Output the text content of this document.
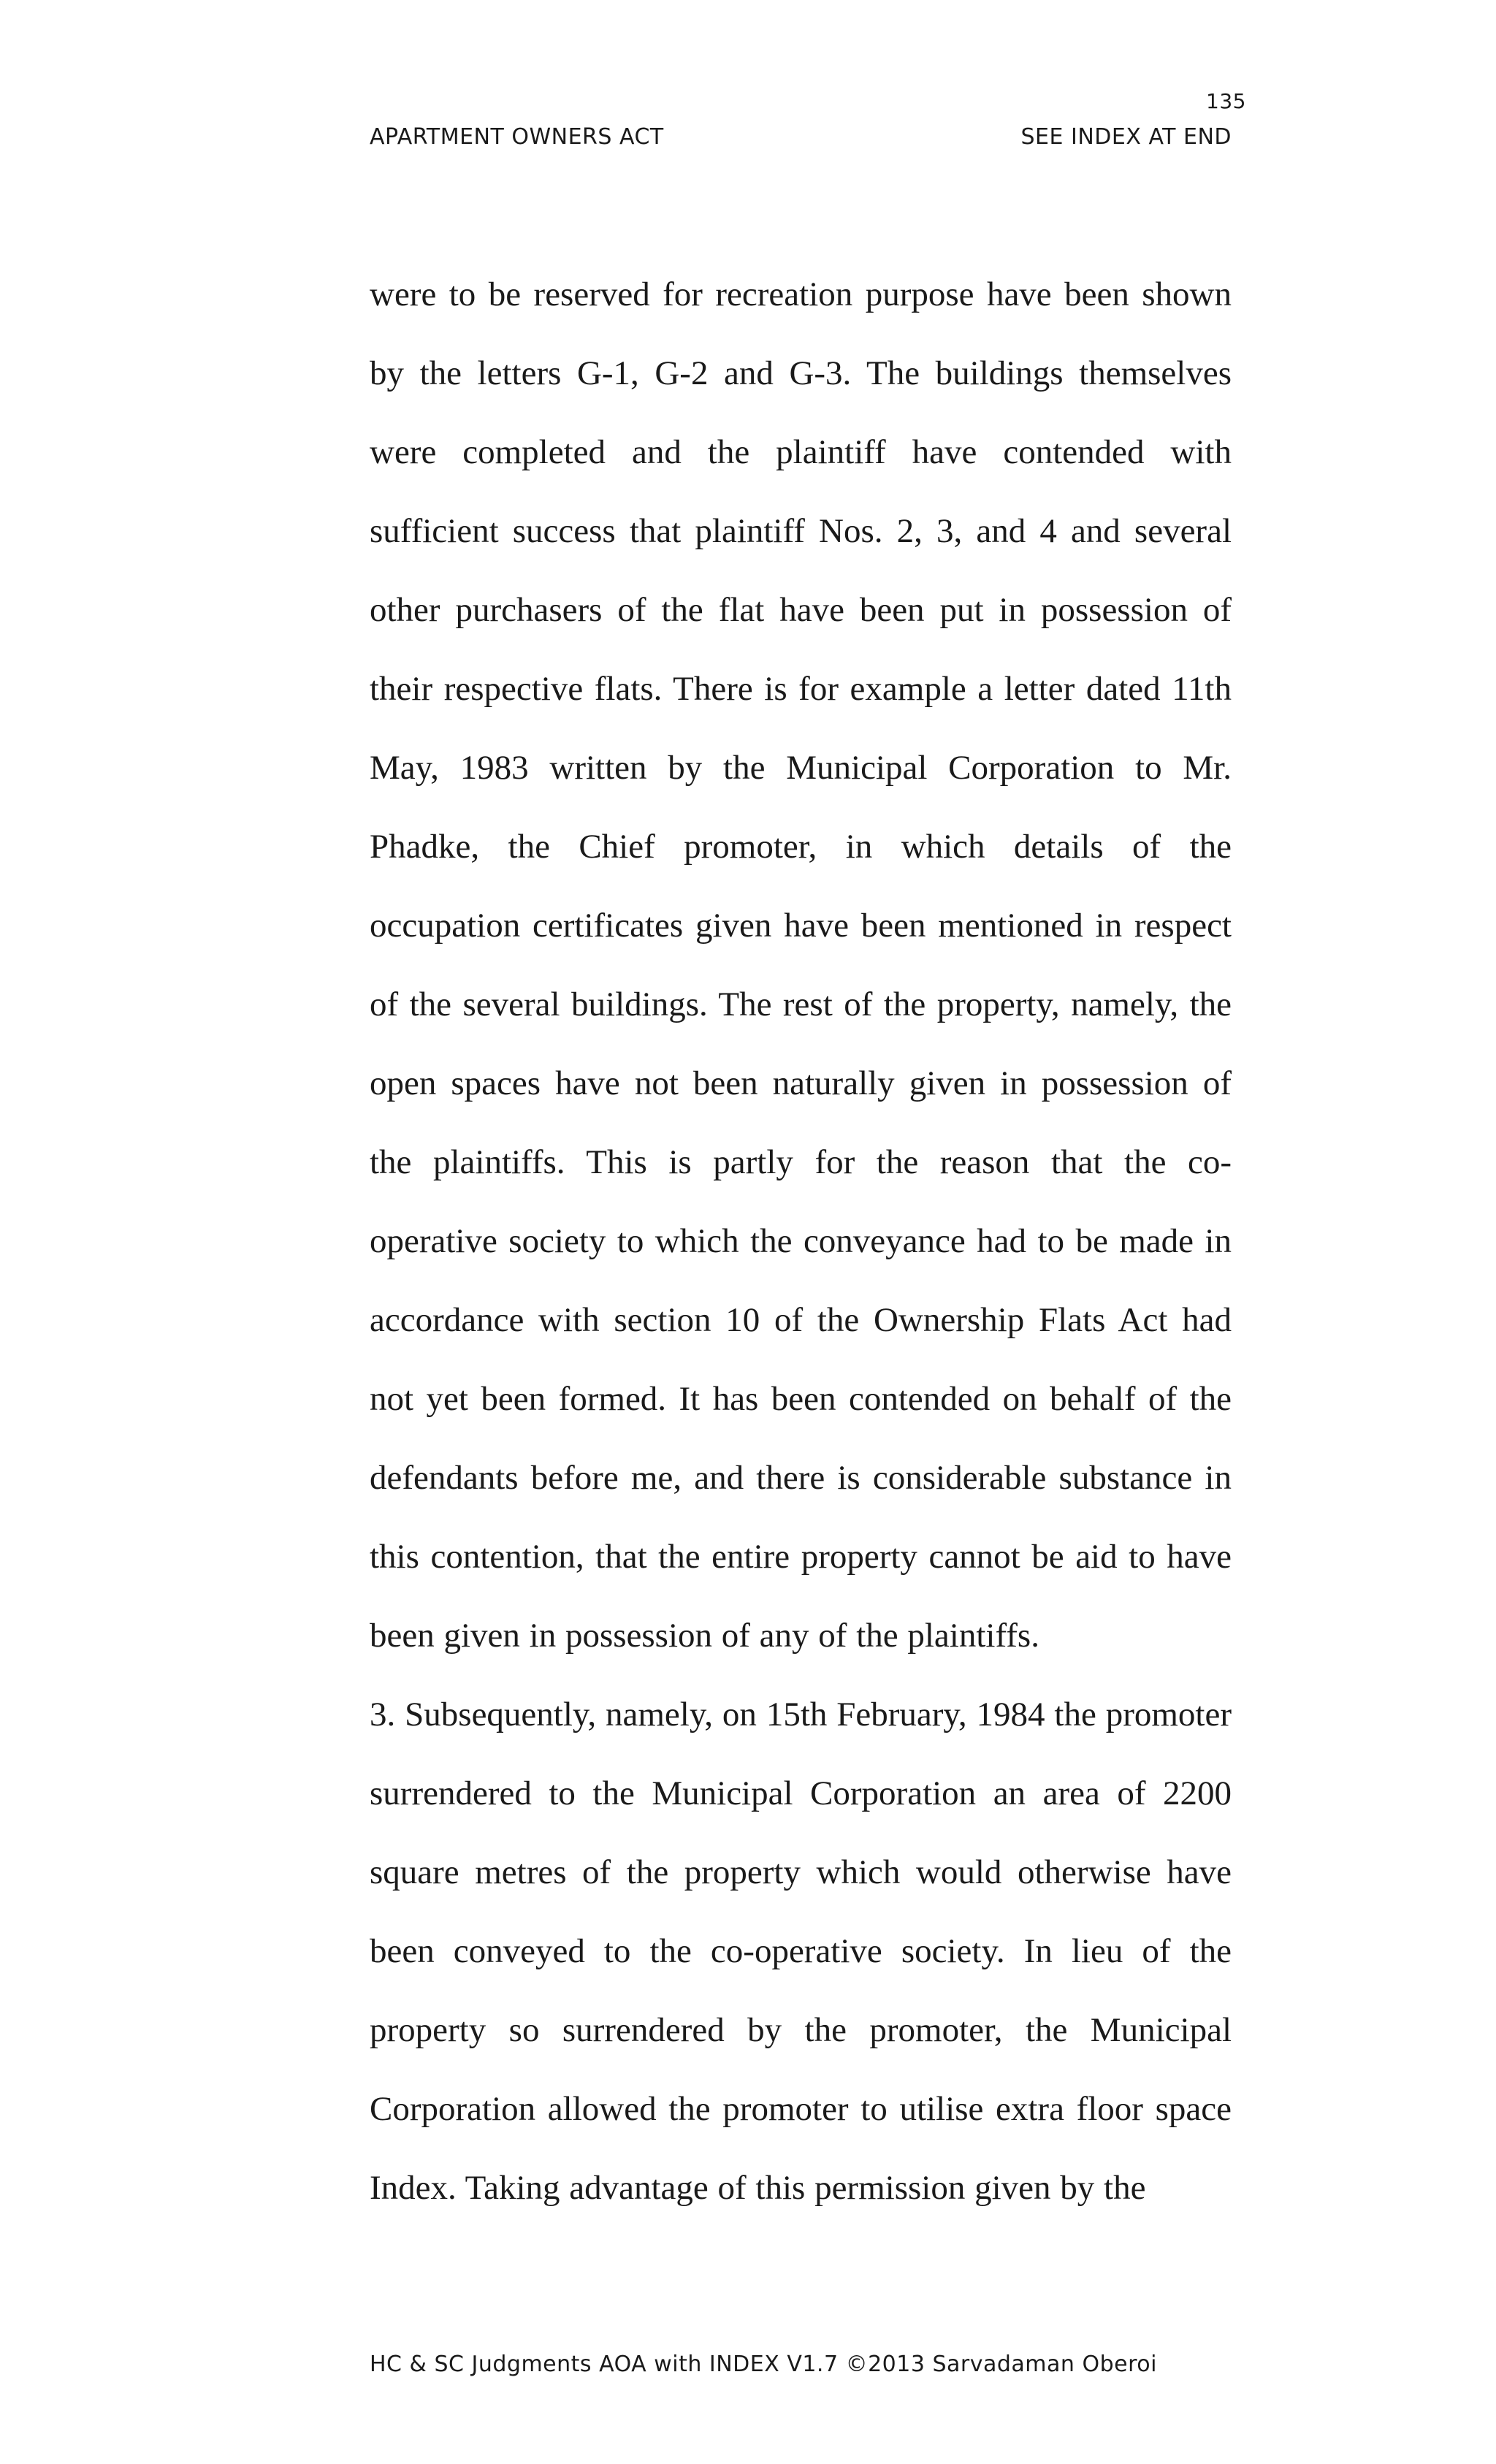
135
APARTMENT OWNERS ACT	SEE INDEX AT END

were to be reserved for recreation purpose have been shown by the letters G-1, G-2 and G-3. The buildings themselves were completed and the plaintiff have contended with sufficient success that plaintiff Nos. 2, 3, and 4 and several other purchasers of the flat have been put in possession of their respective flats. There is for example a letter dated 11th May, 1983 written by the Municipal Corporation to Mr. Phadke, the Chief promoter, in which details of the occupation certificates given have been mentioned in respect of the several buildings. The rest of the property, namely, the open spaces have not been naturally given in possession of the plaintiffs. This is partly for the reason that the co-operative society to which the conveyance had to be made in accordance with section 10 of the Ownership Flats Act had not yet been formed. It has been contended on behalf of the defendants before me, and there is considerable substance in this contention, that the entire property cannot be aid to have been given in possession of any of the plaintiffs.

3. Subsequently, namely, on 15th February, 1984 the promoter surrendered to the Municipal Corporation an area of 2200 square metres of the property which would otherwise have been conveyed to the co-operative society. In lieu of the property so surrendered by the promoter, the Municipal Corporation allowed the promoter to utilise extra floor space Index. Taking advantage of this permission given by the

HC & SC Judgments AOA with INDEX V1.7 ©2013 Sarvadaman Oberoi
